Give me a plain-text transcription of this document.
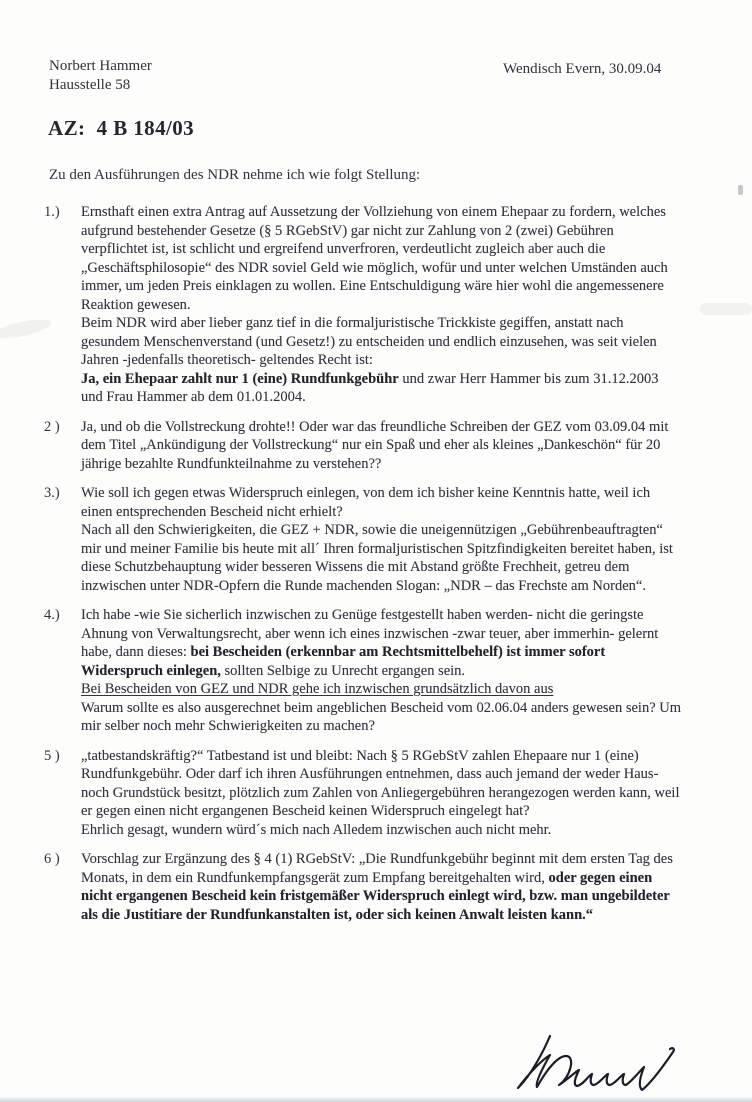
Norbert Hammer
Hausstelle 58
Wendisch Evern, 30.09.04
AZ:  4 B 184/03
Zu den Ausführungen des NDR nehme ich wie folgt Stellung:
1.)	Ernsthaft einen extra Antrag auf Aussetzung der Vollziehung von einem Ehepaar zu fordern, welches aufgrund bestehender Gesetze (§ 5 RGebStV) gar nicht zur Zahlung von 2 (zwei) Gebühren verpflichtet ist, ist schlicht und ergreifend unverfroren, verdeutlicht zugleich aber auch die „Geschäftsphilosopie“ des NDR soviel Geld wie möglich, wofür und unter welchen Umständen auch immer, um jeden Preis einklagen zu wollen. Eine Entschuldigung wäre hier wohl die angemessenere Reaktion gewesen.
Beim NDR wird aber lieber ganz tief in die formaljuristische Trickkiste gegiffen, anstatt nach gesundem Menschenverstand (und Gesetz!) zu entscheiden und endlich einzusehen, was seit vielen Jahren -jedenfalls theoretisch- geltendes Recht ist:
Ja, ein Ehepaar zahlt nur 1 (eine) Rundfunkgebühr und zwar Herr Hammer bis zum 31.12.2003 und Frau Hammer ab dem 01.01.2004.
2 )	Ja, und ob die Vollstreckung drohte!! Oder war das freundliche Schreiben der GEZ vom 03.09.04 mit dem Titel „Ankündigung der Vollstreckung“ nur ein Spaß und eher als kleines „Dankeschön“ für 20 jährige bezahlte Rundfunkteilnahme zu verstehen??
3.)	Wie soll ich gegen etwas Widerspruch einlegen, von dem ich bisher keine Kenntnis hatte, weil ich einen entsprechenden Bescheid nicht erhielt?
Nach all den Schwierigkeiten, die GEZ + NDR, sowie die uneigennützigen „Gebührenbeauftragten“ mir und meiner Familie bis heute mit all´ Ihren formaljuristischen Spitzfindigkeiten bereitet haben, ist diese Schutzbehauptung wider besseren Wissens die mit Abstand größte Frechheit, getreu dem inzwischen unter NDR-Opfern die Runde machenden Slogan: „NDR – das Frechste am Norden“.
4.)	Ich habe -wie Sie sicherlich inzwischen zu Genüge festgestellt haben werden- nicht die geringste Ahnung von Verwaltungsrecht, aber wenn ich eines inzwischen -zwar teuer, aber immerhin- gelernt habe, dann dieses: bei Bescheiden (erkennbar am Rechtsmittelbehelf) ist immer sofort Widerspruch einlegen, sollten Selbige zu Unrecht ergangen sein.
Bei Bescheiden von GEZ und NDR gehe ich inzwischen grundsätzlich davon aus
Warum sollte es also ausgerechnet beim angeblichen Bescheid vom 02.06.04 anders gewesen sein? Um mir selber noch mehr Schwierigkeiten zu machen?
5 )	„tatbestandskräftig?“ Tatbestand ist und bleibt: Nach § 5 RGebStV zahlen Ehepaare nur 1 (eine) Rundfunkgebühr. Oder darf ich ihren Ausführungen entnehmen, dass auch jemand der weder Haus- noch Grundstück besitzt, plötzlich zum Zahlen von Anliegergebühren herangezogen werden kann, weil er gegen einen nicht ergangenen Bescheid keinen Widerspruch eingelegt hat?
Ehrlich gesagt, wundern würd´s mich nach Alledem inzwischen auch nicht mehr.
6 )	Vorschlag zur Ergänzung des § 4 (1) RGebStV: „Die Rundfunkgebühr beginnt mit dem ersten Tag des Monats, in dem ein Rundfunkempfangsgerät zum Empfang bereitgehalten wird, oder gegen einen nicht ergangenen Bescheid kein fristgemäßer Widerspruch einlegt wird, bzw. man ungebildeter als die Justitiare der Rundfunkanstalten ist, oder sich keinen Anwalt leisten kann.“
